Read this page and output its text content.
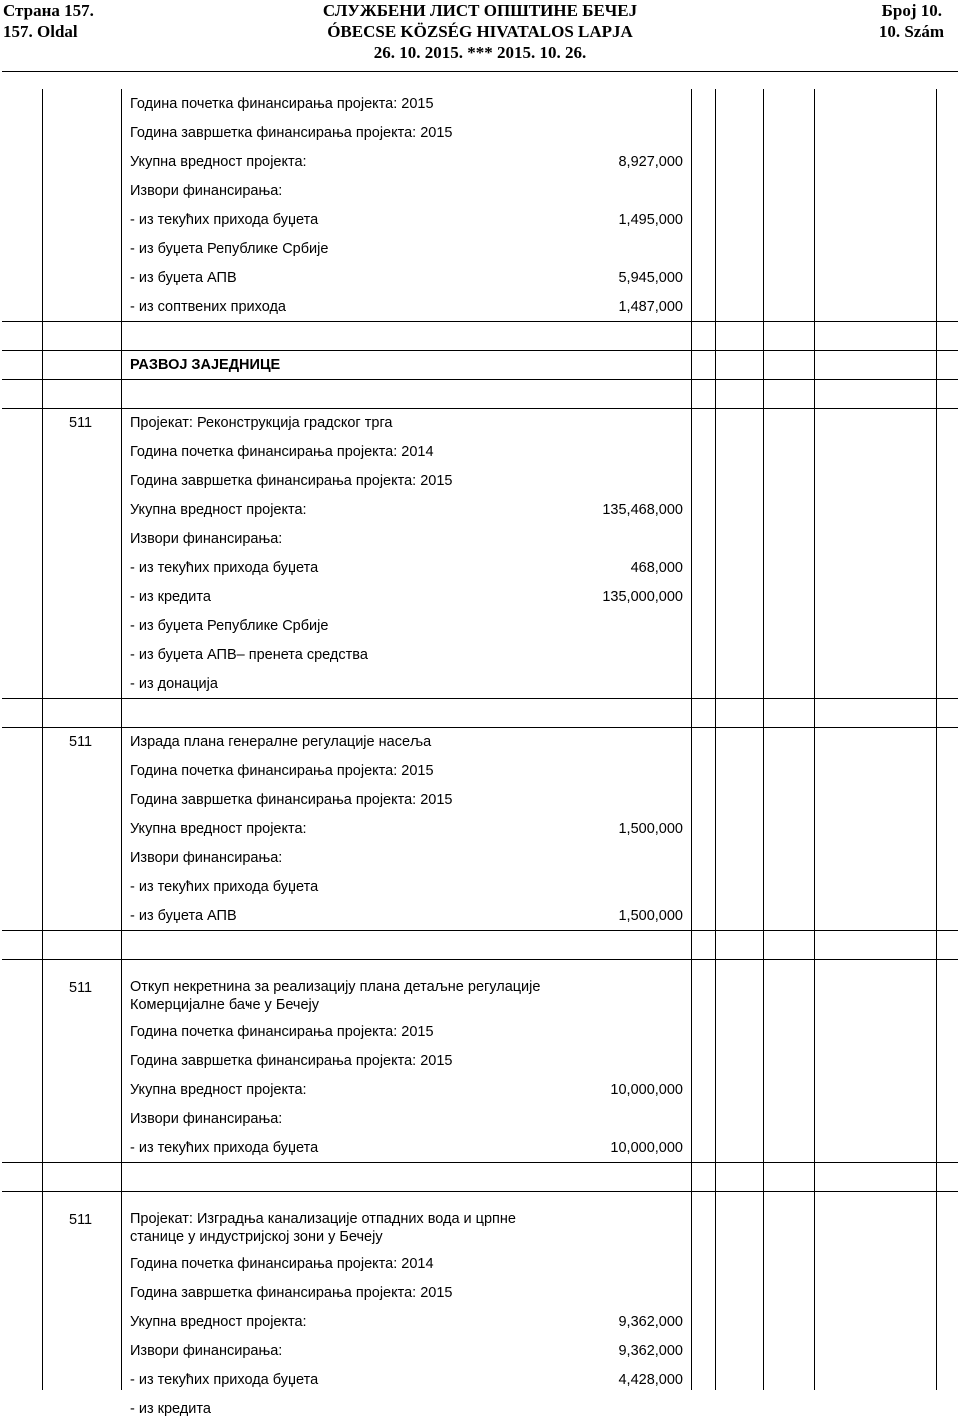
Страна 157.
157. Oldal
СЛУЖБЕНИ ЛИСТ ОПШТИНЕ БЕЧЕЈ
ÓBECSE KÖZSÉG HIVATALOS LAPJA
26. 10. 2015. *** 2015. 10. 26.
Број 10.
10. Szám
Година почетка финансирања пројекта: 2015
Година завршетка финансирања пројекта: 2015
Укупна вредност пројекта:	8,927,000
Извори финансирања:
- из текућих прихода буџета	1,495,000
- из буџета Републике Србије
- из буџета АПВ	5,945,000
- из соптвених прихода	1,487,000
РАЗВОЈ ЗАЈЕДНИЦЕ
511	Пројекат: Реконструкција градског трга
Година почетка финансирања пројекта: 2014
Година завршетка финансирања пројекта: 2015
Укупна вредност пројекта:	135,468,000
Извори финансирања:
- из текућих прихода буџета	468,000
- из кредита	135,000,000
- из буџета Републике Србије
- из буџета АПВ– пренета средства
- из донација
511	Израда плана генералне регулације насеља
Година почетка финансирања пројекта: 2015
Година завршетка финансирања пројекта: 2015
Укупна вредност пројекта:	1,500,000
Извори финансирања:
- из текућих прихода буџета
- из буџета АПВ	1,500,000
511	Откуп некретнина за реализацију плана детаљне регулације Комерцијалне баҹе у Бечеју
Година почетка финансирања пројекта: 2015
Година завршетка финансирања пројекта: 2015
Укупна вредност пројекта:	10,000,000
Извори финансирања:
- из текућих прихода буџета	10,000,000
511	Пројекат: Изградња канализације отпадних вода и црпне станице у индустријској зони у Бечеју
Година почетка финансирања пројекта: 2014
Година завршетка финансирања пројекта: 2015
Укупна вредност пројекта:	9,362,000
Извори финансирања:	9,362,000
- из текућих прихода буџета	4,428,000
- из кредита
